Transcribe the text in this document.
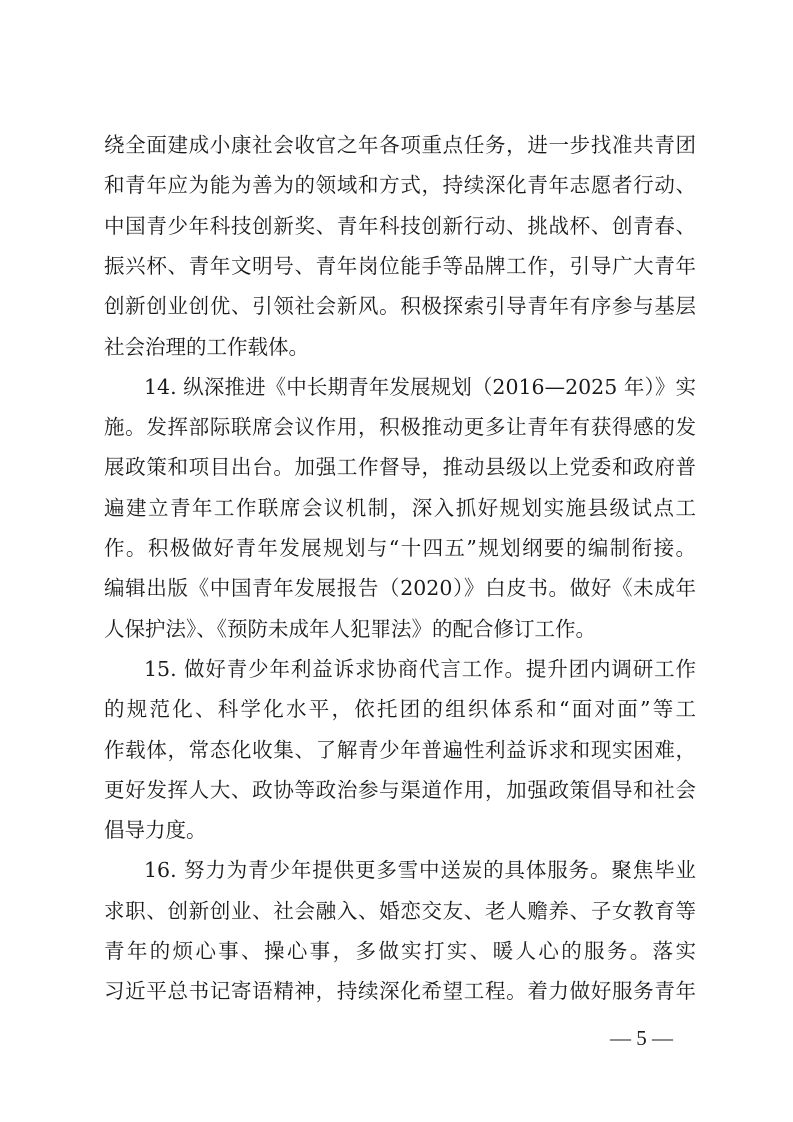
绕全面建成小康社会收官之年各项重点任务，进一步找准共青团
和青年应为能为善为的领域和方式，持续深化青年志愿者行动、
中国青少年科技创新奖、青年科技创新行动、挑战杯、创青春、
振兴杯、青年文明号、青年岗位能手等品牌工作，引导广大青年
创新创业创优、引领社会新风。积极探索引导青年有序参与基层
社会治理的工作载体。
14. 纵深推进《中长期青年发展规划（2016—2025 年）》实
施。发挥部际联席会议作用，积极推动更多让青年有获得感的发
展政策和项目出台。加强工作督导，推动县级以上党委和政府普
遍建立青年工作联席会议机制，深入抓好规划实施县级试点工
作。积极做好青年发展规划与“十四五”规划纲要的编制衔接。
编辑出版《中国青年发展报告（2020）》白皮书。做好《未成年
人保护法》、《预防未成年人犯罪法》的配合修订工作。
15. 做好青少年利益诉求协商代言工作。提升团内调研工作
的规范化、科学化水平，依托团的组织体系和“面对面”等工
作载体，常态化收集、了解青少年普遍性利益诉求和现实困难，
更好发挥人大、政协等政治参与渠道作用，加强政策倡导和社会
倡导力度。
16. 努力为青少年提供更多雪中送炭的具体服务。聚焦毕业
求职、创新创业、社会融入、婚恋交友、老人赡养、子女教育等
青年的烦心事、操心事，多做实打实、暖人心的服务。落实
习近平总书记寄语精神，持续深化希望工程。着力做好服务青年
— 5 —
